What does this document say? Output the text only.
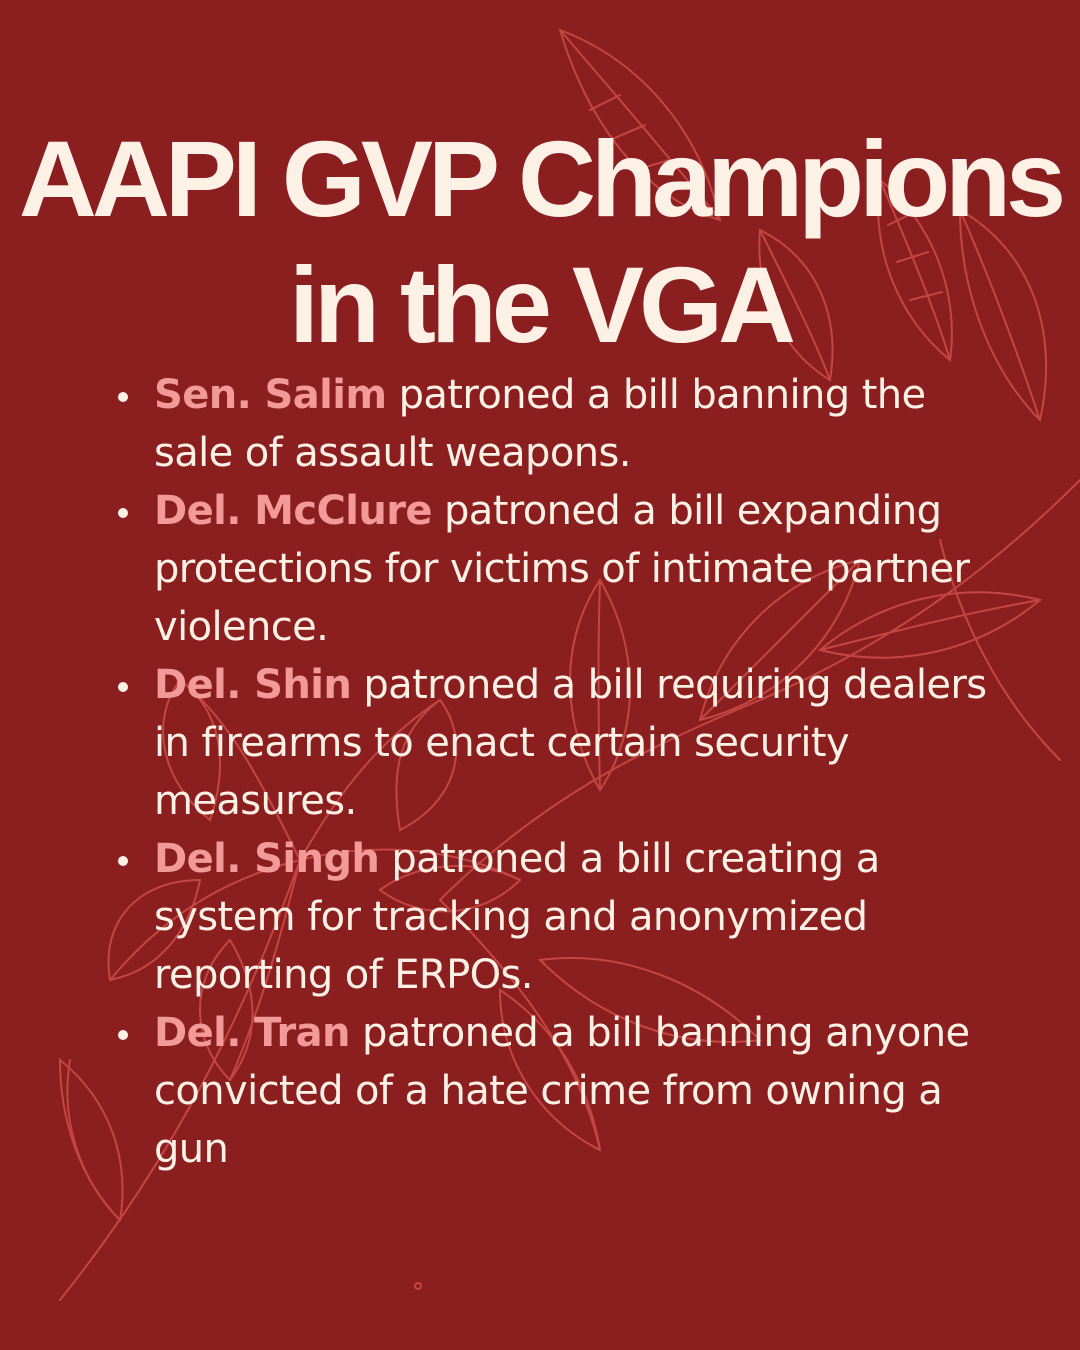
AAPI GVP Champions
in the VGA
Sen. Salim patroned a bill banning the sale of assault weapons.
Del. McClure patroned a bill expanding protections for victims of intimate partner violence.
Del. Shin patroned a bill requiring dealers in firearms to enact certain security measures.
Del. Singh patroned a bill creating a system for tracking and anonymized reporting of ERPOs.
Del. Tran patroned a bill banning anyone convicted of a hate crime from owning a gun
